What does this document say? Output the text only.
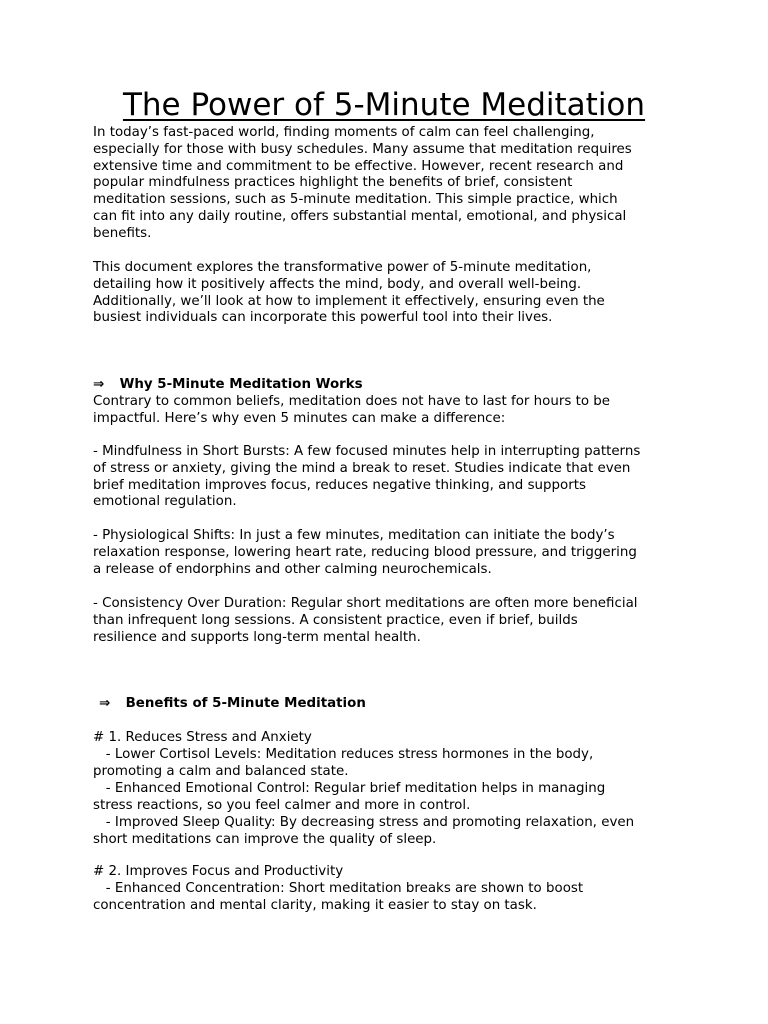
The Power of 5-Minute Meditation

In today’s fast-paced world, finding moments of calm can feel challenging,
especially for those with busy schedules. Many assume that meditation requires
extensive time and commitment to be effective. However, recent research and
popular mindfulness practices highlight the benefits of brief, consistent
meditation sessions, such as 5-minute meditation. This simple practice, which
can fit into any daily routine, offers substantial mental, emotional, and physical
benefits.

This document explores the transformative power of 5-minute meditation,
detailing how it positively affects the mind, body, and overall well-being.
Additionally, we’ll look at how to implement it effectively, ensuring even the
busiest individuals can incorporate this powerful tool into their lives.

⇒ Why 5-Minute Meditation Works

Contrary to common beliefs, meditation does not have to last for hours to be
impactful. Here’s why even 5 minutes can make a difference:

- Mindfulness in Short Bursts: A few focused minutes help in interrupting patterns
of stress or anxiety, giving the mind a break to reset. Studies indicate that even
brief meditation improves focus, reduces negative thinking, and supports
emotional regulation.

- Physiological Shifts: In just a few minutes, meditation can initiate the body’s
relaxation response, lowering heart rate, reducing blood pressure, and triggering
a release of endorphins and other calming neurochemicals.

- Consistency Over Duration: Regular short meditations are often more beneficial
than infrequent long sessions. A consistent practice, even if brief, builds
resilience and supports long-term mental health.

⇒ Benefits of 5-Minute Meditation

# 1. Reduces Stress and Anxiety

- Lower Cortisol Levels: Meditation reduces stress hormones in the body,
promoting a calm and balanced state.

- Enhanced Emotional Control: Regular brief meditation helps in managing
stress reactions, so you feel calmer and more in control.

- Improved Sleep Quality: By decreasing stress and promoting relaxation, even
short meditations can improve the quality of sleep.

# 2. Improves Focus and Productivity

- Enhanced Concentration: Short meditation breaks are shown to boost
concentration and mental clarity, making it easier to stay on task.
